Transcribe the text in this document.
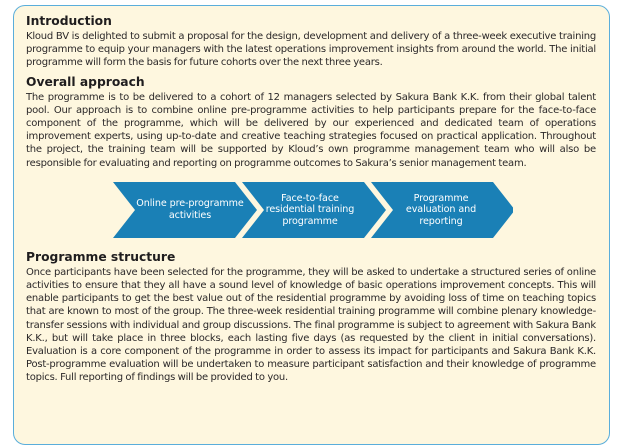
Introduction

Kloud BV is delighted to submit a proposal for the design, development and delivery of a three-week executive training programme to equip your managers with the latest operations improvement insights from around the world. The initial programme will form the basis for future cohorts over the next three years.

Overall approach

The programme is to be delivered to a cohort of 12 managers selected by Sakura Bank K.K. from their global talent pool. Our approach is to combine online pre-programme activities to help participants prepare for the face-to-face component of the programme, which will be delivered by our experienced and dedicated team of operations improvement experts, using up-to-date and creative teaching strategies focused on practical application. Throughout the project, the training team will be supported by Kloud’s own programme management team who will also be responsible for evaluating and reporting on programme outcomes to Sakura’s senior management team.

Online pre-programme activities
Face-to-face residential training programme
Programme evaluation and reporting
Programme structure

Once participants have been selected for the programme, they will be asked to undertake a structured series of online activities to ensure that they all have a sound level of knowledge of basic operations improvement concepts. This will enable participants to get the best value out of the residential programme by avoiding loss of time on teaching topics that are known to most of the group. The three-week residential training programme will combine plenary knowledge-transfer sessions with individual and group discussions. The final programme is subject to agreement with Sakura Bank K.K., but will take place in three blocks, each lasting five days (as requested by the client in initial conversations). Evaluation is a core component of the programme in order to assess its impact for participants and Sakura Bank K.K. Post-programme evaluation will be undertaken to measure participant satisfaction and their knowledge of programme topics. Full reporting of findings will be provided to you.
